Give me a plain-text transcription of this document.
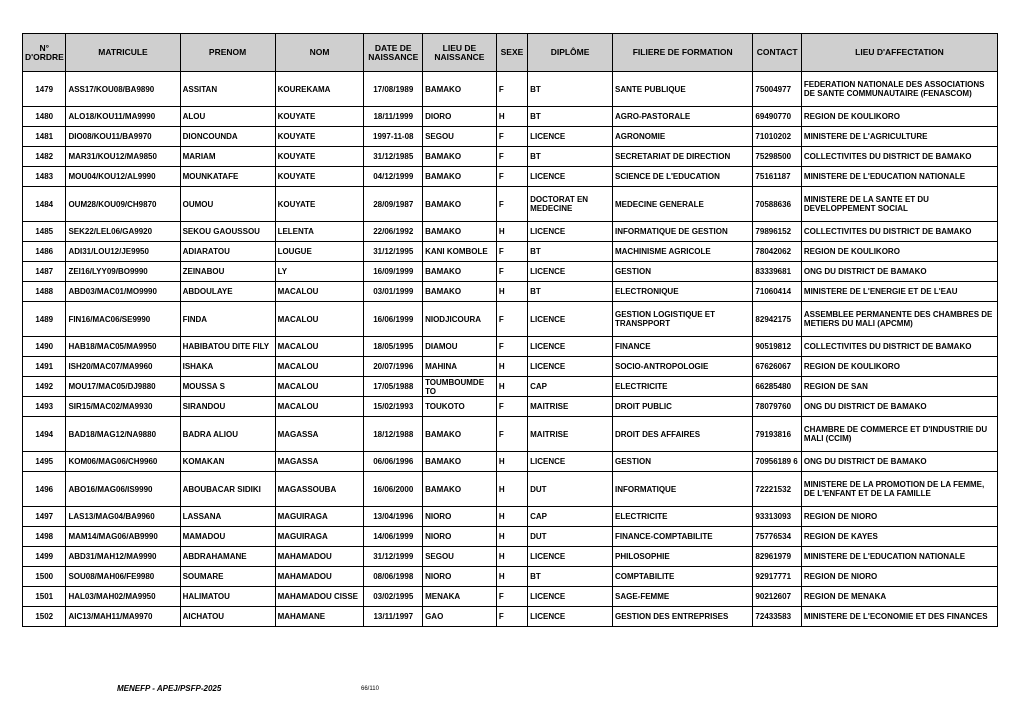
N° D'ORDRE	MATRICULE	PRENOM	NOM	DATE DE NAISSANCE	LIEU DE NAISSANCE	SEXE	DIPLÔME	FILIERE DE FORMATION	CONTACT	LIEU D'AFFECTATION
1479	ASS17/KOU08/BA9890	ASSITAN	KOUREKAMA	17/08/1989	BAMAKO	F	BT	SANTE PUBLIQUE	75004977	FEDERATION NATIONALE DES ASSOCIATIONS DE SANTE COMMUNAUTAIRE (FENASCOM)
1480	ALO18/KOU11/MA9990	ALOU	KOUYATE	18/11/1999	DIORO	H	BT	AGRO-PASTORALE	69490770	REGION DE KOULIKORO
1481	DIO08/KOU11/BA9970	DIONCOUNDA	KOUYATE	1997-11-08	SEGOU	F	LICENCE	AGRONOMIE	71010202	MINISTERE DE L'AGRICULTURE
1482	MAR31/KOU12/MA9850	MARIAM	KOUYATE	31/12/1985	BAMAKO	F	BT	SECRETARIAT DE DIRECTION	75298500	COLLECTIVITES DU DISTRICT DE BAMAKO
1483	MOU04/KOU12/AL9990	MOUNKATAFE	KOUYATE	04/12/1999	BAMAKO	F	LICENCE	SCIENCE DE L'EDUCATION	75161187	MINISTERE DE L'EDUCATION NATIONALE
1484	OUM28/KOU09/CH9870	OUMOU	KOUYATE	28/09/1987	BAMAKO	F	DOCTORAT EN MEDECINE	MEDECINE GENERALE	70588636	MINISTERE DE LA SANTE ET DU DEVELOPPEMENT SOCIAL
1485	SEK22/LEL06/GA9920	SEKOU GAOUSSOU	LELENTA	22/06/1992	BAMAKO	H	LICENCE	INFORMATIQUE DE GESTION	79896152	COLLECTIVITES DU DISTRICT DE BAMAKO
1486	ADI31/LOU12/JE9950	ADIARATOU	LOUGUE	31/12/1995	KANI KOMBOLE	F	BT	MACHINISME AGRICOLE	78042062	REGION DE KOULIKORO
1487	ZEI16/LYY09/BO9990	ZEINABOU	LY	16/09/1999	BAMAKO	F	LICENCE	GESTION	83339681	ONG DU DISTRICT DE BAMAKO
1488	ABD03/MAC01/MO9990	ABDOULAYE	MACALOU	03/01/1999	BAMAKO	H	BT	ELECTRONIQUE	71060414	MINISTERE DE L'ENERGIE ET DE L'EAU
1489	FIN16/MAC06/SE9990	FINDA	MACALOU	16/06/1999	NIODJICOURA	F	LICENCE	GESTION LOGISTIQUE ET TRANSPPORT	82942175	ASSEMBLEE PERMANENTE DES CHAMBRES DE METIERS DU MALI (APCMM)
1490	HAB18/MAC05/MA9950	HABIBATOU DITE FILY	MACALOU	18/05/1995	DIAMOU	F	LICENCE	FINANCE	90519812	COLLECTIVITES DU DISTRICT DE BAMAKO
1491	ISH20/MAC07/MA9960	ISHAKA	MACALOU	20/07/1996	MAHINA	H	LICENCE	SOCIO-ANTROPOLOGIE	67626067	REGION DE KOULIKORO
1492	MOU17/MAC05/DJ9880	MOUSSA S	MACALOU	17/05/1988	TOUMBOUMDE TO	H	CAP	ELECTRICITE	66285480	REGION DE SAN
1493	SIR15/MAC02/MA9930	SIRANDOU	MACALOU	15/02/1993	TOUKOTO	F	MAITRISE	DROIT PUBLIC	78079760	ONG DU DISTRICT DE BAMAKO
1494	BAD18/MAG12/NA9880	BADRA ALIOU	MAGASSA	18/12/1988	BAMAKO	F	MAITRISE	DROIT DES AFFAIRES	79193816	CHAMBRE DE COMMERCE ET D'INDUSTRIE DU MALI (CCIM)
1495	KOM06/MAG06/CH9960	KOMAKAN	MAGASSA	06/06/1996	BAMAKO	H	LICENCE	GESTION	70956189 6	ONG DU DISTRICT DE BAMAKO
1496	ABO16/MAG06/IS9990	ABOUBACAR SIDIKI	MAGASSOUBA	16/06/2000	BAMAKO	H	DUT	INFORMATIQUE	72221532	MINISTERE DE LA PROMOTION DE LA FEMME, DE L'ENFANT ET DE LA FAMILLE
1497	LAS13/MAG04/BA9960	LASSANA	MAGUIRAGA	13/04/1996	NIORO	H	CAP	ELECTRICITE	93313093	REGION DE NIORO
1498	MAM14/MAG06/AB9990	MAMADOU	MAGUIRAGA	14/06/1999	NIORO	H	DUT	FINANCE-COMPTABILITE	75776534	REGION DE KAYES
1499	ABD31/MAH12/MA9990	ABDRAHAMANE	MAHAMADOU	31/12/1999	SEGOU	H	LICENCE	PHILOSOPHIE	82961979	MINISTERE DE L'EDUCATION NATIONALE
1500	SOU08/MAH06/FE9980	SOUMARE	MAHAMADOU	08/06/1998	NIORO	H	BT	COMPTABILITE	92917771	REGION DE NIORO
1501	HAL03/MAH02/MA9950	HALIMATOU	MAHAMADOU CISSE	03/02/1995	MENAKA	F	LICENCE	SAGE-FEMME	90212607	REGION DE MENAKA
1502	AIC13/MAH11/MA9970	AICHATOU	MAHAMANE	13/11/1997	GAO	F	LICENCE	GESTION DES ENTREPRISES	72433583	MINISTERE DE L'ECONOMIE ET DES FINANCES
MENEFP - APEJ/PSFP-2025	66/110
